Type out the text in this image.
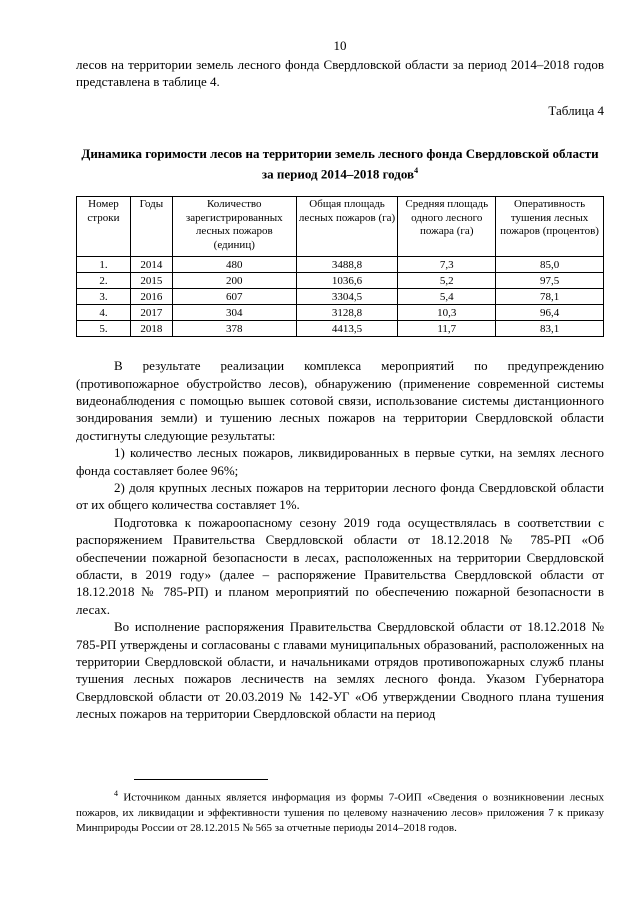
10

лесов на территории земель лесного фонда Свердловской области за период 2014–2018 годов представлена в таблице 4.

Таблица 4
Динамика горимости лесов на территории земель лесного фонда Свердловской области за период 2014–2018 годов$^4$
Номер строки	Годы	Количество зарегистрированных лесных пожаров (единиц)	Общая площадь лесных пожаров (га)	Средняя площадь одного лесного пожара (га)	Оперативность тушения лесных пожаров (процентов)
1.	2014	480	3488,8	7,3	85,0
2.	2015	200	1036,6	5,2	97,5
3.	2016	607	3304,5	5,4	78,1
4.	2017	304	3128,8	10,3	96,4
5.	2018	378	4413,5	11,7	83,1

В результате реализации комплекса мероприятий по предупреждению (противопожарное обустройство лесов), обнаружению (применение современной системы видеонаблюдения с помощью вышек сотовой связи, использование системы дистанционного зондирования земли) и тушению лесных пожаров на территории Свердловской области достигнуты следующие результаты:

1) количество лесных пожаров, ликвидированных в первые сутки, на землях лесного фонда составляет более 96%;

2) доля крупных лесных пожаров на территории лесного фонда Свердловской области от их общего количества составляет 1%.

Подготовка к пожароопасному сезону 2019 года осуществлялась в соответствии с распоряжением Правительства Свердловской области от 18.12.2018 № 785-РП «Об обеспечении пожарной безопасности в лесах, расположенных на территории Свердловской области, в 2019 году» (далее – распоряжение Правительства Свердловской области от 18.12.2018 № 785-РП) и планом мероприятий по обеспечению пожарной безопасности в лесах.

Во исполнение распоряжения Правительства Свердловской области от 18.12.2018 № 785-РП утверждены и согласованы с главами муниципальных образований, расположенных на территории Свердловской области, и начальниками отрядов противопожарных служб планы тушения лесных пожаров лесничеств на землях лесного фонда. Указом Губернатора Свердловской области от 20.03.2019 № 142-УГ «Об утверждении Сводного плана тушения лесных пожаров на территории Свердловской области на период

$^4$ Источником данных является информация из формы 7-ОИП «Сведения о возникновении лесных пожаров, их ликвидации и эффективности тушения по целевому назначению лесов» приложения 7 к приказу Минприроды России от 28.12.2015 № 565 за отчетные периоды 2014–2018 годов.
